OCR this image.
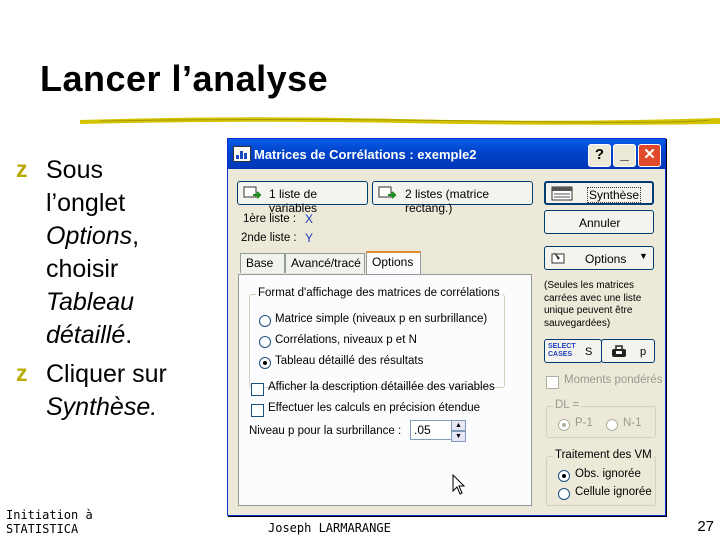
Lancer l’analyse
z Sous
l’onglet
Options,
choisir
Tableau
détaillé.
z Cliquer sur
Synthèse.
Initiation à
STATISTICA	Joseph LARMARANGE	27
Matrices de Corrélations : exemple2	?	_ ✕
1 liste de variables
2 listes (matrice rectang.)
Synthèse
1ère liste : X
2nde liste : Y
Annuler
Options ▼
Base	Avancé/tracé Options
Format d'affichage des matrices de corrélations
Matrice simple (niveaux p en surbrillance)
Corrélations, niveaux p et N
Tableau détaillé des résultats
Afficher la description détaillée des variables
Effectuer les calculs en précision étendue
Niveau p pour la surbrillance :	.05	▲
▼
(Seules les matrices
carrées avec une liste
unique peuvent être
sauvegardées)
SELECT
CASES	S	p
Moments pondérés
DL =
P-1	N-1
Traitement des VM
Obs. ignorée
Cellule ignorée
